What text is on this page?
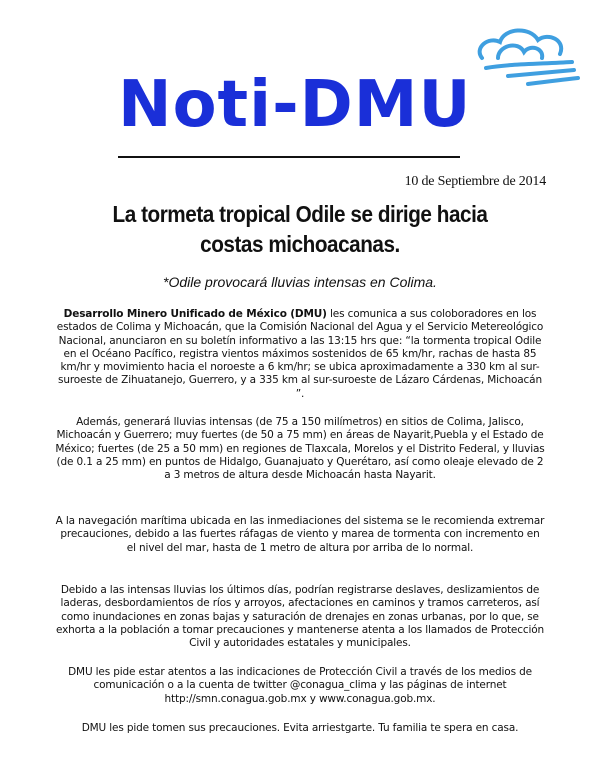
Noti-DMU
10 de Septiembre de 2014
La tormeta tropical Odile se dirige hacia costas michoacanas.
*Odile provocará lluvias intensas en Colima.

Desarrollo Minero Unificado de México (DMU) les comunica a sus coloboradores en los estados de Colima y Michoacán, que la Comisión Nacional del Agua y el Servicio Metereológico Nacional, anunciaron en su boletín informativo a las 13:15 hrs que: “la tormenta tropical Odile en el Océano Pacífico, registra vientos máximos sostenidos de 65 km/hr, rachas de hasta 85 km/hr y movimiento hacia el noroeste a 6 km/hr; se ubica aproximadamente a 330 km al sur-suroeste de Zihuatanejo, Guerrero, y a 335 km al sur-suroeste de Lázaro Cárdenas, Michoacán ”.

Además, generará lluvias intensas (de 75 a 150 milímetros) en sitios de Colima, Jalisco, Michoacán y Guerrero; muy fuertes (de 50 a 75 mm) en áreas de Nayarit,Puebla y el Estado de México; fuertes (de 25 a 50 mm) en regiones de Tlaxcala, Morelos y el Distrito Federal, y lluvias (de 0.1 a 25 mm) en puntos de Hidalgo, Guanajuato y Querétaro, así como oleaje elevado de 2 a 3 metros de altura desde Michoacán hasta Nayarit.

A la navegación marítima ubicada en las inmediaciones del sistema se le recomienda extremar precauciones, debido a las fuertes ráfagas de viento y marea de tormenta con incremento en el nivel del mar, hasta de 1 metro de altura por arriba de lo normal.

Debido a las intensas lluvias los últimos días, podrían registrarse deslaves, deslizamientos de laderas, desbordamientos de ríos y arroyos, afectaciones en caminos y tramos carreteros, así como inundaciones en zonas bajas y saturación de drenajes en zonas urbanas, por lo que, se exhorta a la población a tomar precauciones y mantenerse atenta a los llamados de Protección Civil y autoridades estatales y municipales.

DMU les pide estar atentos a las indicaciones de Protección Civil a través de los medios de comunicación o a la cuenta de twitter @conagua_clima y las páginas de internet http://smn.conagua.gob.mx y www.conagua.gob.mx.

DMU les pide tomen sus precauciones. Evita arriestgarte. Tu familia te spera en casa.
